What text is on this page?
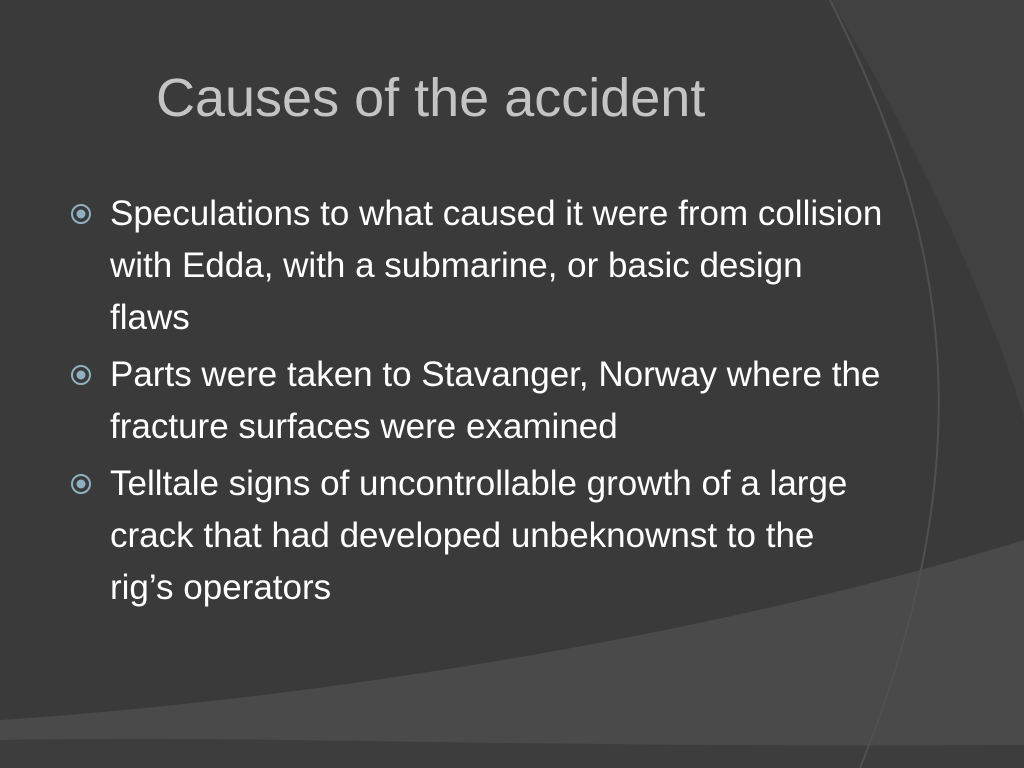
Causes of the accident
Speculations to what caused it were from collision with Edda, with a submarine, or basic design flaws
Parts were taken to Stavanger, Norway where the fracture surfaces were examined
Telltale signs of uncontrollable growth of a large crack that had developed unbeknownst to the rig’s operators
